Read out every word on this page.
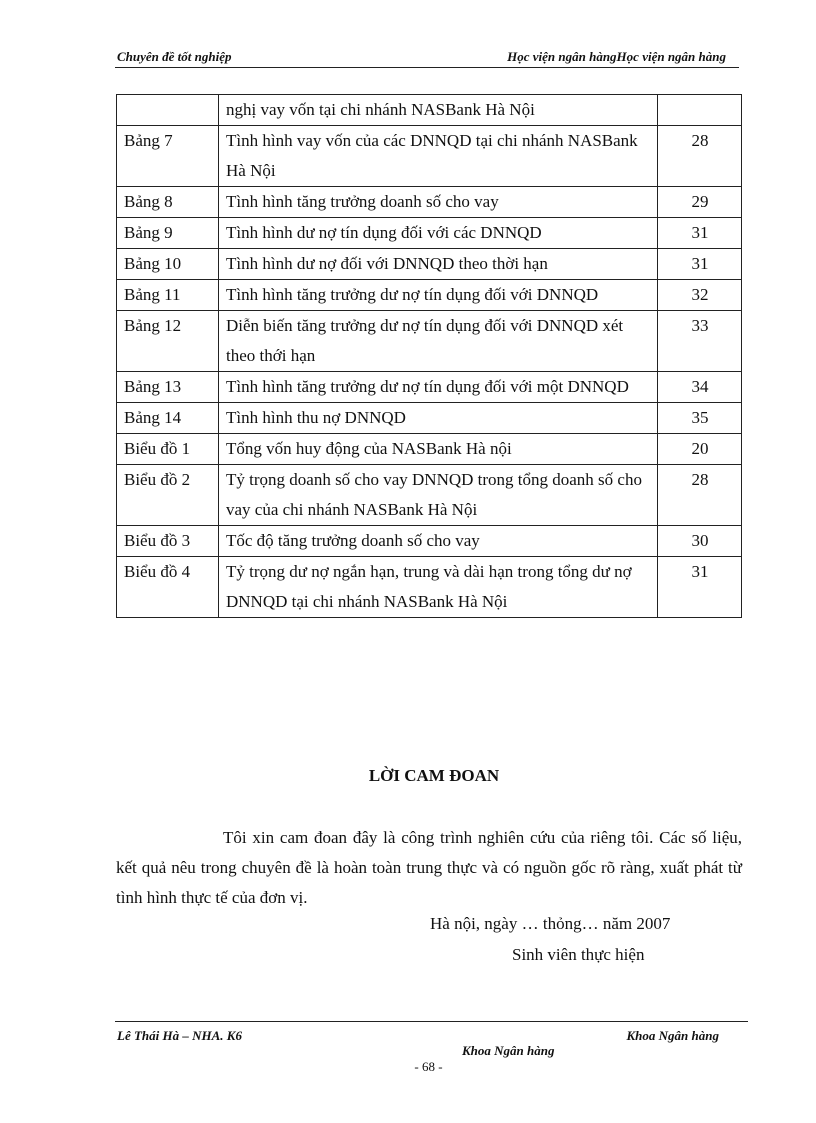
Chuyên đề tốt nghiệp	Học viện ngân hàngHọc viện ngân hàng
	nghị vay vốn tại chi nhánh NASBank Hà Nội	
Bảng 7	Tình hình vay vốn của các DNNQD tại chi nhánh NASBank Hà Nội	28
Bảng 8	Tình hình tăng trưởng doanh số cho vay	29
Bảng 9	Tình hình dư nợ tín dụng đối với các DNNQD	31
Bảng 10	Tình hình dư nợ đối với DNNQD theo thời hạn	31
Bảng 11	Tình hình tăng trưởng dư nợ tín dụng đối với DNNQD	32
Bảng 12	Diễn biến tăng trưởng dư nợ tín dụng đối với DNNQD xét theo thới hạn	33
Bảng 13	Tình hình tăng trưởng dư nợ tín dụng đối với một DNNQD	34
Bảng 14	Tình hình thu nợ DNNQD	35
Biểu đồ 1	Tổng vốn huy động của NASBank Hà nội	20
Biểu đồ 2	Tỷ trọng doanh số cho vay DNNQD trong tổng doanh số cho vay của chi nhánh NASBank Hà Nội	28
Biểu đồ 3	Tốc độ tăng trưởng doanh số cho vay	30
Biểu đồ 4	Tỷ trọng dư nợ ngắn hạn, trung và dài hạn trong tổng dư nợ DNNQD tại chi nhánh NASBank Hà Nội	31
LỜI CAM ĐOAN

Tôi xin cam đoan đây là công trình nghiên cứu của riêng tôi. Các số liệu, kết quả nêu trong chuyên đề là hoàn toàn trung thực và có nguồn gốc rõ ràng, xuất phát từ tình hình thực tế của đơn vị.

Hà nội, ngày … thỏng… năm 2007
Sinh viên thực hiện
Lê Thái Hà – NHA. K6	Khoa Ngân hàng
Khoa Ngân hàng
- 68 -
